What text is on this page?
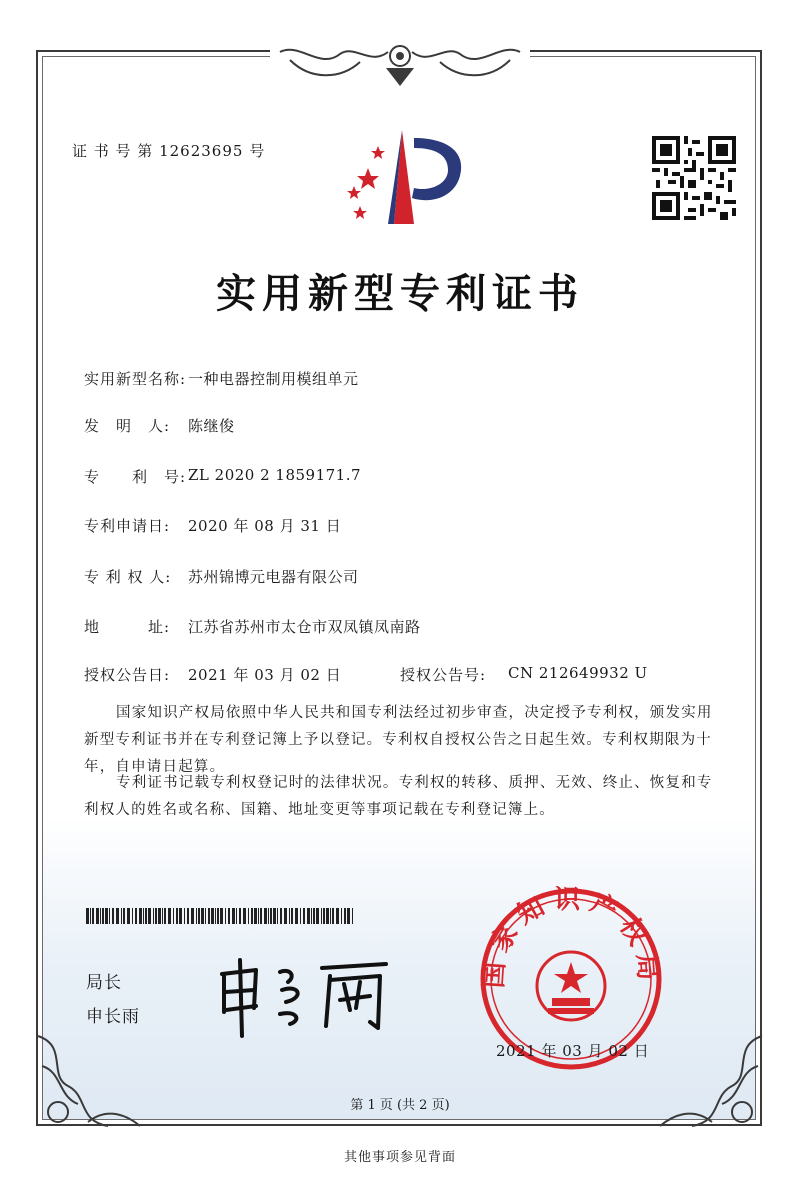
证 书 号 第 12623695 号
实用新型专利证书
实用新型名称: 一种电器控制用模组单元
发　明　人: 陈继俊
专　　利　号: ZL 2020 2 1859171.7
专利申请日: 2020 年 08 月 31 日
专 利 权 人: 苏州锦博元电器有限公司
地　　　址: 江苏省苏州市太仓市双凤镇凤南路
授权公告日: 2021 年 03 月 02 日	授权公告号: CN 212649932 U
国家知识产权局依照中华人民共和国专利法经过初步审查，决定授予专利权，颁发实用新型专利证书并在专利登记簿上予以登记。专利权自授权公告之日起生效。专利权期限为十年，自申请日起算。
专利证书记载专利权登记时的法律状况。专利权的转移、质押、无效、终止、恢复和专利权人的姓名或名称、国籍、地址变更等事项记载在专利登记簿上。
局长
申长雨
国家知识产权局
2021 年 03 月 02 日
第 1 页 (共 2 页)
其他事项参见背面
